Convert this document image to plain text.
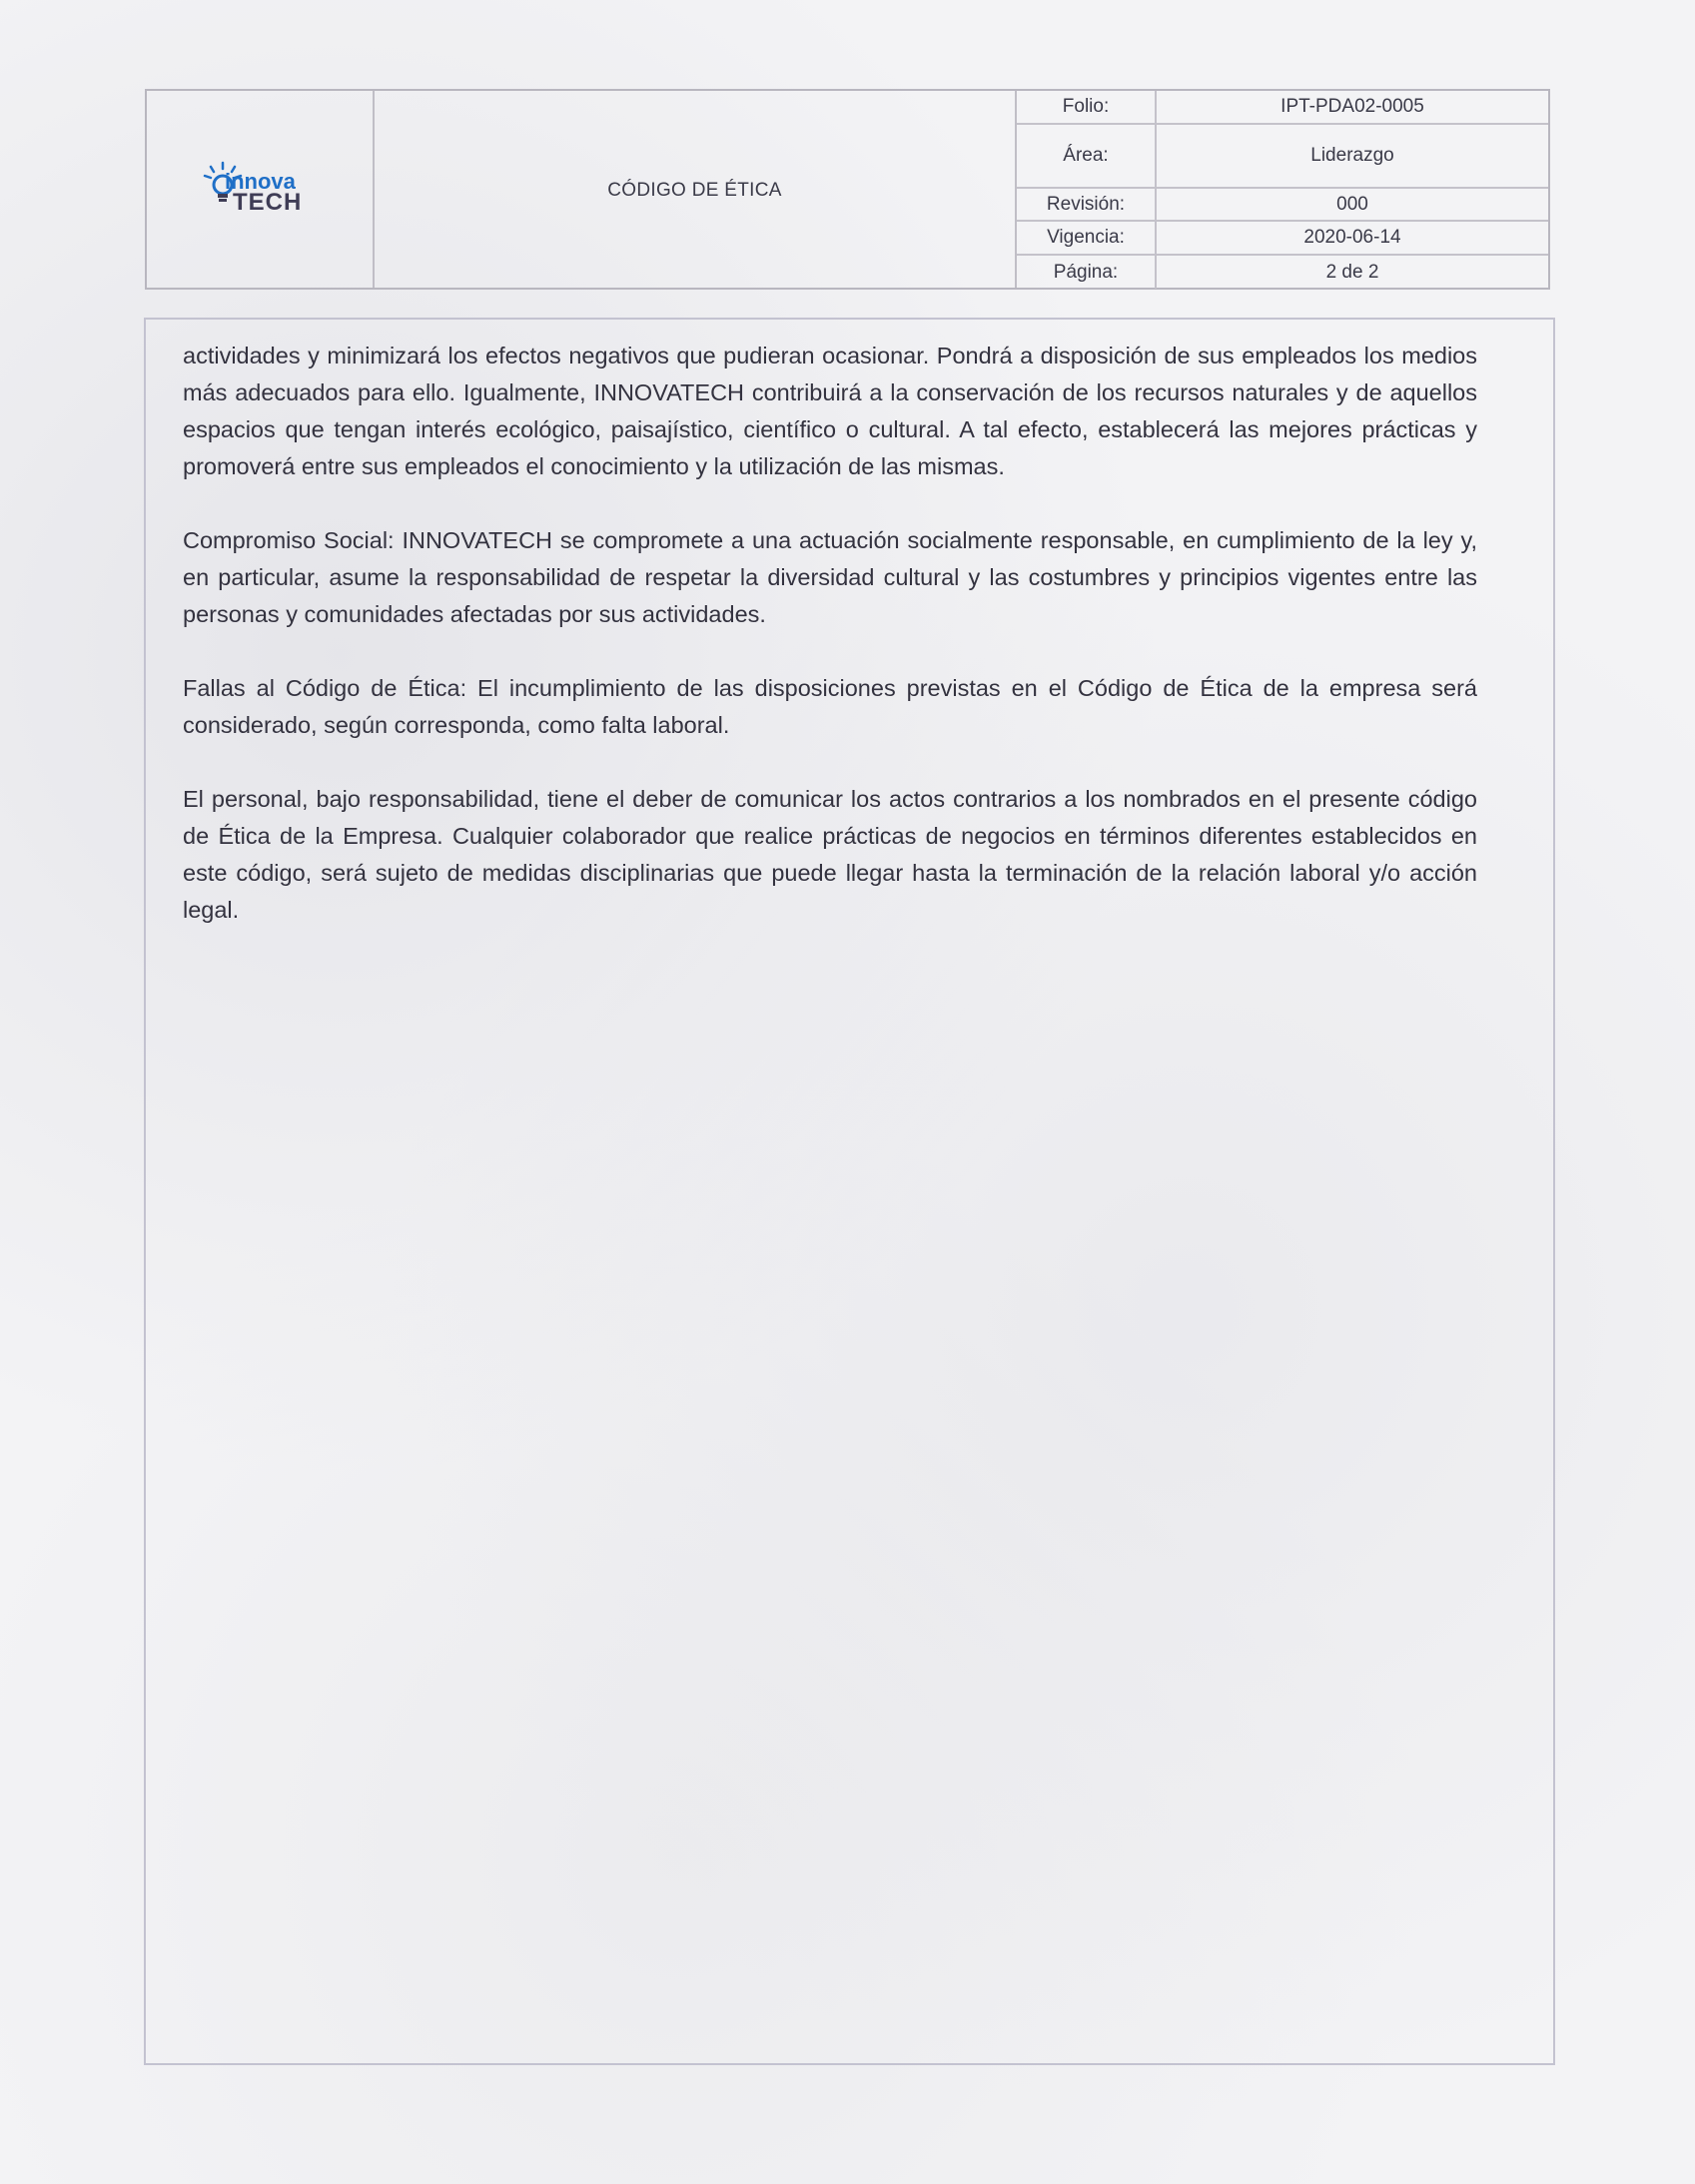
innova
TECH	CÓDIGO DE ÉTICA
Folio:	IPT-PDA02-0005
Área:	Liderazgo
Revisión:	000
Vigencia:	2020-06-14
Página:	2 de 2

actividades y minimizará los efectos negativos que pudieran ocasionar. Pondrá a disposición de sus empleados los medios más adecuados para ello. Igualmente, INNOVATECH contribuirá a la conservación de los recursos naturales y de aquellos espacios que tengan interés ecológico, paisajístico, científico o cultural. A tal efecto, establecerá las mejores prácticas y promoverá entre sus empleados el conocimiento y la utilización de las mismas.

Compromiso Social: INNOVATECH se compromete a una actuación socialmente responsable, en cumplimiento de la ley y, en particular, asume la responsabilidad de respetar la diversidad cultural y las costumbres y principios vigentes entre las personas y comunidades afectadas por sus actividades.

Fallas al Código de Ética: El incumplimiento de las disposiciones previstas en el Código de Ética de la empresa será considerado, según corresponda, como falta laboral.

El personal, bajo responsabilidad, tiene el deber de comunicar los actos contrarios a los nombrados en el presente código de Ética de la Empresa. Cualquier colaborador que realice prácticas de negocios en términos diferentes establecidos en este código, será sujeto de medidas disciplinarias que puede llegar hasta la terminación de la relación laboral y/o acción legal.
